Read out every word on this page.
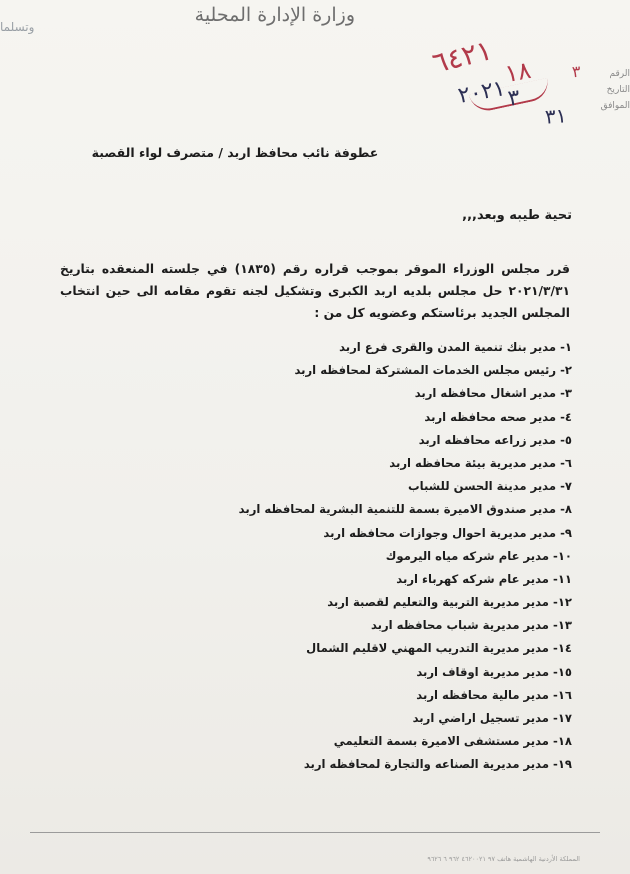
وزارة الإدارة المحلية
وتسلما
الرقم
التاريخ
الموافق
٦٤٢١ ١٨ ٣
٢٠٢١ ٣
٣١
عطوفة نائب محافظ اربد / متصرف لواء القصبة
تحية طيبه وبعد,,,
قرر مجلس الوزراء الموقر بموجب قراره رقم (١٨٣٥) في جلسته المنعقده بتاريخ ٢٠٢١/٣/٣١ حل مجلس بلديه اربد الكبرى وتشكيل لجنه تقوم مقامه الى حين انتخاب المجلس الجديد برئاستكم وعضويه كل من :
١- مدير بنك تنمية المدن والقرى فرع اربد
٢- رئيس مجلس الخدمات المشتركة لمحافظه اربد
٣- مدير اشغال محافظه اربد
٤- مدير صحه محافظه اربد
٥- مدير زراعه محافظه اربد
٦- مدير مديرية بيئة محافظه اربد
٧- مدير مدينة الحسن للشباب
٨- مدير صندوق الاميرة بسمة للتنمية البشرية لمحافظه اربد
٩- مدير مديرية احوال وجوازات محافظه اربد
١٠- مدير عام شركه مياه اليرموك
١١- مدير عام شركه كهرباء اربد
١٢- مدير مديرية التربية والتعليم لقصبة اربد
١٣- مدير مديرية شباب محافظه اربد
١٤- مدير مديرية التدريب المهني لاقليم الشمال
١٥- مدير مديرية اوقاف اربد
١٦- مدير مالية محافظه اربد
١٧- مدير تسجيل اراضي اربد
١٨- مدير مستشفى الاميرة بسمة التعليمي
١٩- مدير مديرية الصناعه والتجارة لمحافظه اربد
المملكة الأردنية الهاشمية هاتف ٩٧ ٤٦٢٠٠٢١ ٩٦٢ ٦ ٩٦٢٦
